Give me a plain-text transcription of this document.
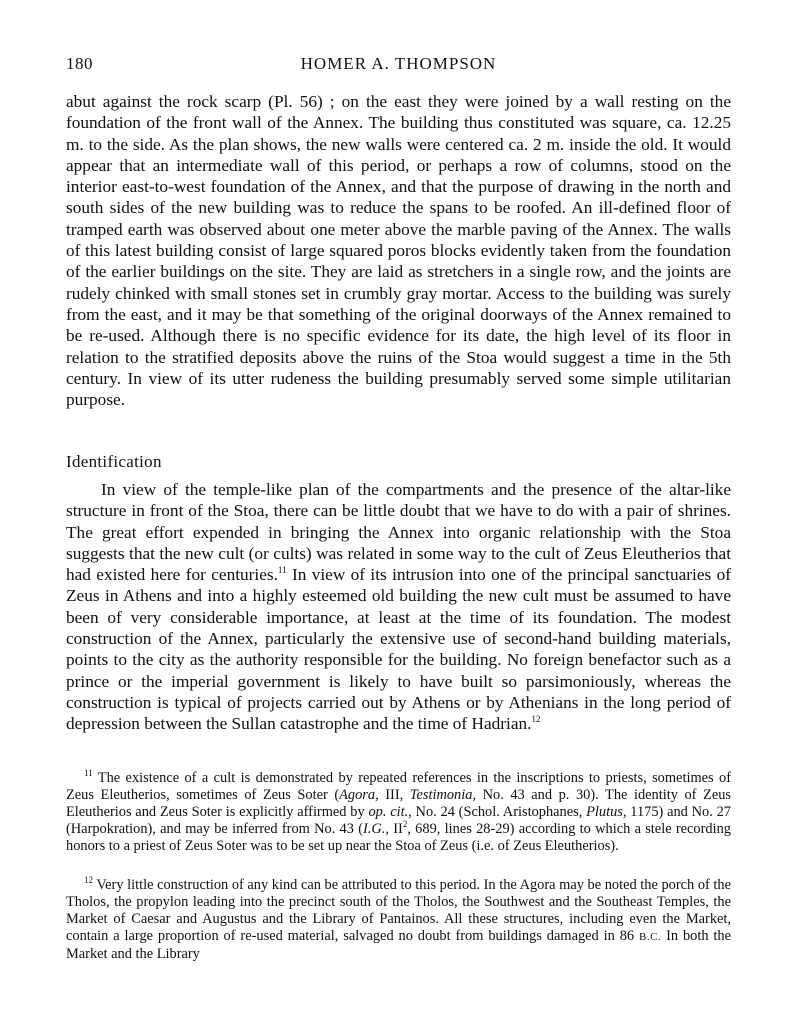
180	HOMER A. THOMPSON
abut against the rock scarp (Pl. 56) ; on the east they were joined by a wall resting on the foundation of the front wall of the Annex. The building thus constituted was square, ca. 12.25 m. to the side. As the plan shows, the new walls were centered ca. 2 m. inside the old. It would appear that an intermediate wall of this period, or perhaps a row of columns, stood on the interior east-to-west foundation of the Annex, and that the purpose of drawing in the north and south sides of the new building was to reduce the spans to be roofed. An ill-defined floor of tramped earth was observed about one meter above the marble paving of the Annex. The walls of this latest building consist of large squared poros blocks evidently taken from the foundation of the earlier buildings on the site. They are laid as stretchers in a single row, and the joints are rudely chinked with small stones set in crumbly gray mortar. Access to the building was surely from the east, and it may be that something of the original doorways of the Annex remained to be re-used. Although there is no specific evidence for its date, the high level of its floor in relation to the stratified deposits above the ruins of the Stoa would suggest a time in the 5th century. In view of its utter rudeness the building presumably served some simple utilitarian purpose.
Identification
In view of the temple-like plan of the compartments and the presence of the altar-like structure in front of the Stoa, there can be little doubt that we have to do with a pair of shrines. The great effort expended in bringing the Annex into organic relationship with the Stoa suggests that the new cult (or cults) was related in some way to the cult of Zeus Eleutherios that had existed here for centuries.$^{11}$ In view of its intrusion into one of the principal sanctuaries of Zeus in Athens and into a highly esteemed old building the new cult must be assumed to have been of very considerable importance, at least at the time of its foundation. The modest construction of the Annex, particularly the extensive use of second-hand building materials, points to the city as the authority responsible for the building. No foreign benefactor such as a prince or the imperial government is likely to have built so parsimoniously, whereas the construction is typical of projects carried out by Athens or by Athenians in the long period of depression between the Sullan catastrophe and the time of Hadrian.$^{12}$
$^{11}$ The existence of a cult is demonstrated by repeated references in the inscriptions to priests, sometimes of Zeus Eleutherios, sometimes of Zeus Soter (Agora, III, Testimonia, No. 43 and p. 30). The identity of Zeus Eleutherios and Zeus Soter is explicitly affirmed by op. cit., No. 24 (Schol. Aristophanes, Plutus, 1175) and No. 27 (Harpokration), and may be inferred from No. 43 (I.G., $II^2$, 689, lines 28-29) according to which a stele recording honors to a priest of Zeus Soter was to be set up near the Stoa of Zeus (i.e. of Zeus Eleutherios).
$^{12}$ Very little construction of any kind can be attributed to this period. In the Agora may be noted the porch of the Tholos, the propylon leading into the precinct south of the Tholos, the Southwest and the Southeast Temples, the Market of Caesar and Augustus and the Library of Pantainos. All these structures, including even the Market, contain a large proportion of re-used material, salvaged no doubt from buildings damaged in 86 B.C. In both the Market and the Library
